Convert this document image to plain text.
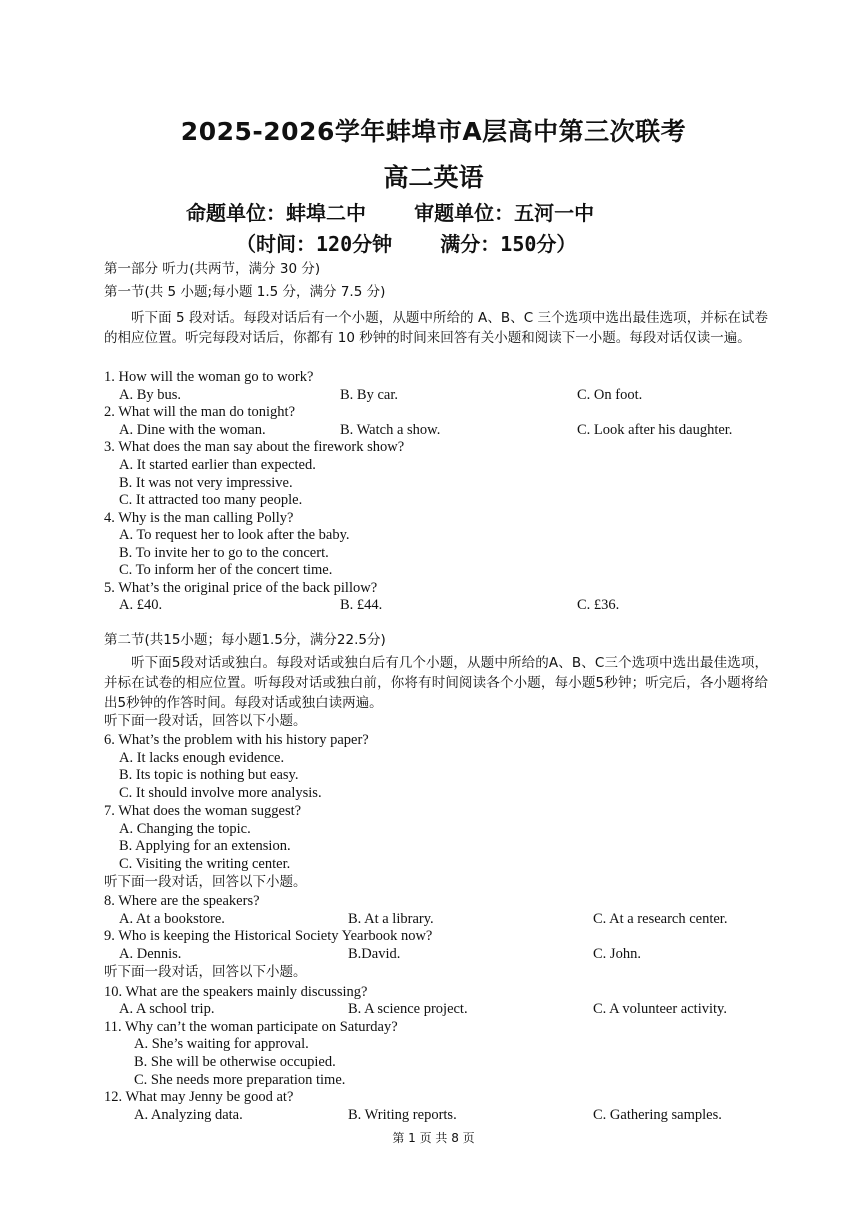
2025-2026学年蚌埠市A层高中第三次联考
高二英语
命题单位：蚌埠二中    审题单位：五河一中
（时间：120分钟    满分：150分）
第一部分 听力(共两节，满分 30 分)
第一节(共 5 小题;每小题 1.5 分，满分 7.5 分)
听下面 5 段对话。每段对话后有一个小题，从题中所给的 A、B、C 三个选项中选出最佳选项，并标在试卷的相应位置。听完每段对话后，你都有 10 秒钟的时间来回答有关小题和阅读下一小题。每段对话仅读一遍。
1. How will the woman go to work?
A. By bus.	B. By car.	C. On foot.
2. What will the man do tonight?
A. Dine with the woman.	B. Watch a show.	C. Look after his daughter.
3. What does the man say about the firework show?
A. It started earlier than expected.
B. It was not very impressive.
C. It attracted too many people.
4. Why is the man calling Polly?
A. To request her to look after the baby.
B. To invite her to go to the concert.
C. To inform her of the concert time.
5. What’s the original price of the back pillow?
A. £40.	B. £44.	C. £36.
第二节(共15小题；每小题1.5分，满分22.5分)
听下面5段对话或独白。每段对话或独白后有几个小题，从题中所给的A、B、C三个选项中选出最佳选项，并标在试卷的相应位置。听每段对话或独白前，你将有时间阅读各个小题，每小题5秒钟；听完后，各小题将给出5秒钟的作答时间。每段对话或独白读两遍。
听下面一段对话，回答以下小题。
6. What’s the problem with his history paper?
A. It lacks enough evidence.
B. Its topic is nothing but easy.
C. It should involve more analysis.
7. What does the woman suggest?
A. Changing the topic.
B. Applying for an extension.
C. Visiting the writing center.
听下面一段对话，回答以下小题。
8. Where are the speakers?
A. At a bookstore.	B. At a library.	C. At a research center.
9. Who is keeping the Historical Society Yearbook now?
A. Dennis.	B.David.	C. John.
听下面一段对话，回答以下小题。
10. What are the speakers mainly discussing?
A. A school trip.	B. A science project.	C. A volunteer activity.
11. Why can’t the woman participate on Saturday?
A. She’s waiting for approval.
B. She will be otherwise occupied.
C. She needs more preparation time.
12. What may Jenny be good at?
A. Analyzing data.	B. Writing reports.	C. Gathering samples.
第 1 页 共 8 页
